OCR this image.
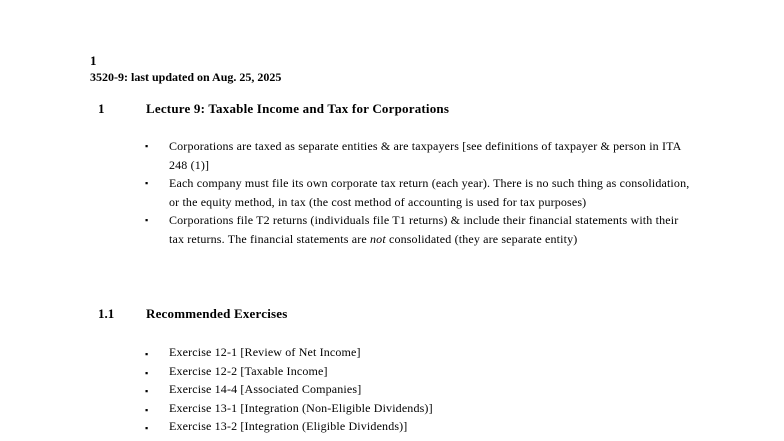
1
3520-9: last updated on Aug. 25, 2025
1	Lecture 9: Taxable Income and Tax for Corporations
▪ Corporations are taxed as separate entities & are taxpayers [see definitions of taxpayer & person in ITA 248 (1)]
▪ Each company must file its own corporate tax return (each year). There is no such thing as consolidation, or the equity method, in tax (the cost method of accounting is used for tax purposes)
▪ Corporations file T2 returns (individuals file T1 returns) & include their financial statements with their tax returns. The financial statements are not consolidated (they are separate entity)
1.1 Recommended Exercises
▪ Exercise 12-1 [Review of Net Income]
▪ Exercise 12-2 [Taxable Income]
▪ Exercise 14-4 [Associated Companies]
▪ Exercise 13-1 [Integration (Non-Eligible Dividends)]
▪ Exercise 13-2 [Integration (Eligible Dividends)]
